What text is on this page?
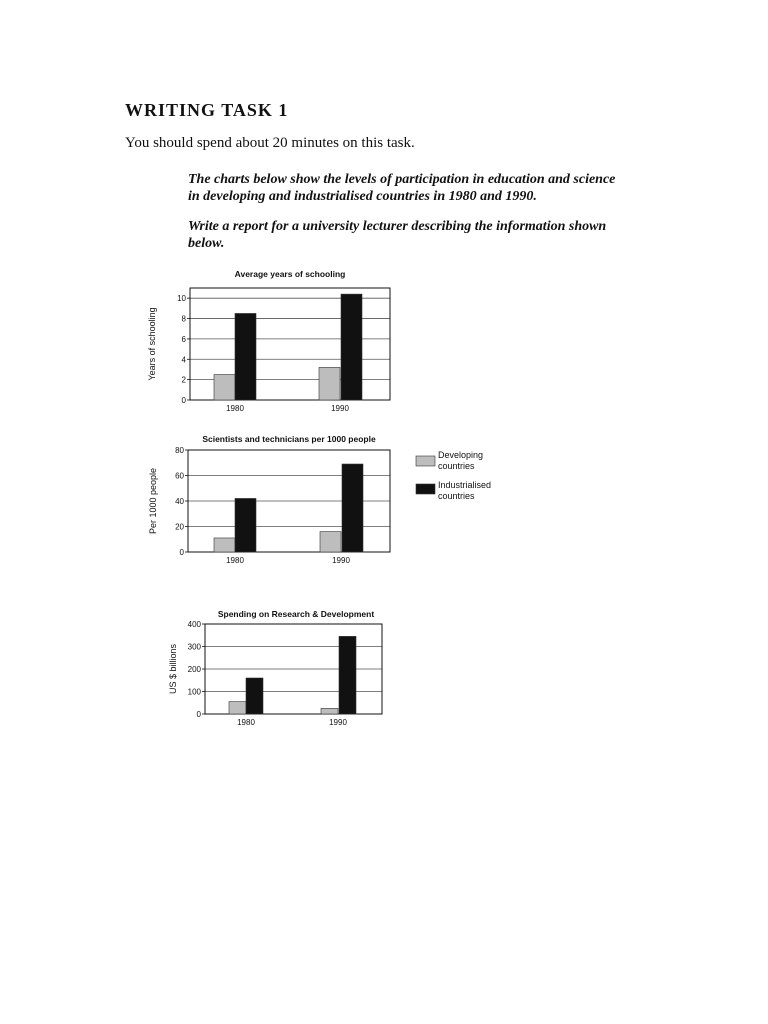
WRITING TASK 1
You should spend about 20 minutes on this task.
The charts below show the levels of participation in education and science in developing and industrialised countries in 1980 and 1990.
Write a report for a university lecturer describing the information shown below.
Average years of schooling
0
2
4
6
8
10
Years of schooling
1980	1990
Scientists and technicians per 1000 people
0
20
40
60
80
Per 1000 people
1980	1990
Spending on Research & Development
0
100
200
300
400
US $ billions
1980	1990
Developing
countries
Industrialised
countries
